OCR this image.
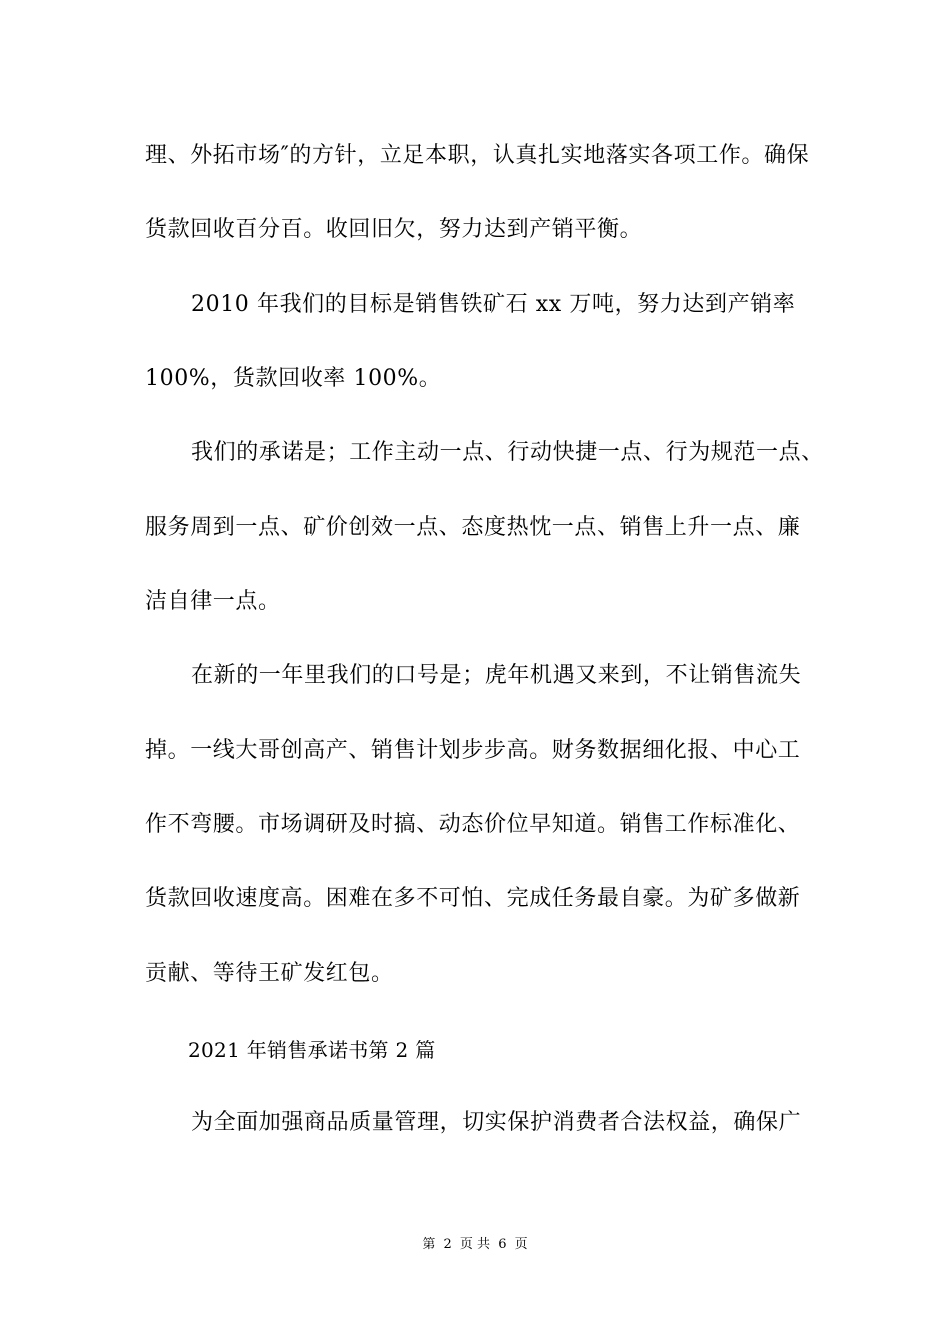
理、外拓市场″的方针，立足本职，认真扎实地落实各项工作。确保
货款回收百分百。收回旧欠，努力达到产销平衡。
2010 年我们的目标是销售铁矿石 xx 万吨，努力达到产销率
100%，货款回收率 100%。
我们的承诺是；工作主动一点、行动快捷一点、行为规范一点、
服务周到一点、矿价创效一点、态度热忱一点、销售上升一点、廉
洁自律一点。
在新的一年里我们的口号是；虎年机遇又来到，不让销售流失
掉。一线大哥创高产、销售计划步步高。财务数据细化报、中心工
作不弯腰。市场调研及时搞、动态价位早知道。销售工作标准化、
货款回收速度高。困难在多不可怕、完成任务最自豪。为矿多做新
贡献、等待王矿发红包。
2021 年销售承诺书第 2 篇
为全面加强商品质量管理，切实保护消费者合法权益，确保广
第 2 页 共 6 页
